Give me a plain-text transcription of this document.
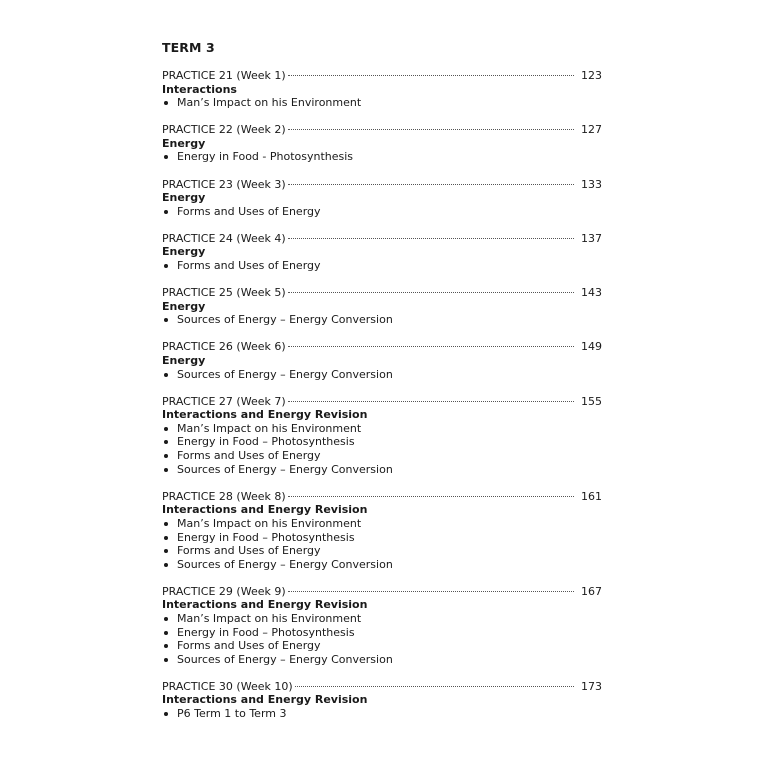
TERM 3
PRACTICE 21 (Week 1)	123
Interactions
Man’s Impact on his Environment
PRACTICE 22 (Week 2)	127
Energy
Energy in Food - Photosynthesis
PRACTICE 23 (Week 3)	133
Energy
Forms and Uses of Energy
PRACTICE 24 (Week 4)	137
Energy
Forms and Uses of Energy
PRACTICE 25 (Week 5)	143
Energy
Sources of Energy – Energy Conversion
PRACTICE 26 (Week 6)	149
Energy
Sources of Energy – Energy Conversion
PRACTICE 27 (Week 7)	155
Interactions and Energy Revision
Man’s Impact on his Environment
Energy in Food – Photosynthesis
Forms and Uses of Energy
Sources of Energy – Energy Conversion
PRACTICE 28 (Week 8)	161
Interactions and Energy Revision
Man’s Impact on his Environment
Energy in Food – Photosynthesis
Forms and Uses of Energy
Sources of Energy – Energy Conversion
PRACTICE 29 (Week 9)	167
Interactions and Energy Revision
Man’s Impact on his Environment
Energy in Food – Photosynthesis
Forms and Uses of Energy
Sources of Energy – Energy Conversion
PRACTICE 30 (Week 10)	173
Interactions and Energy Revision
P6 Term 1 to Term 3
